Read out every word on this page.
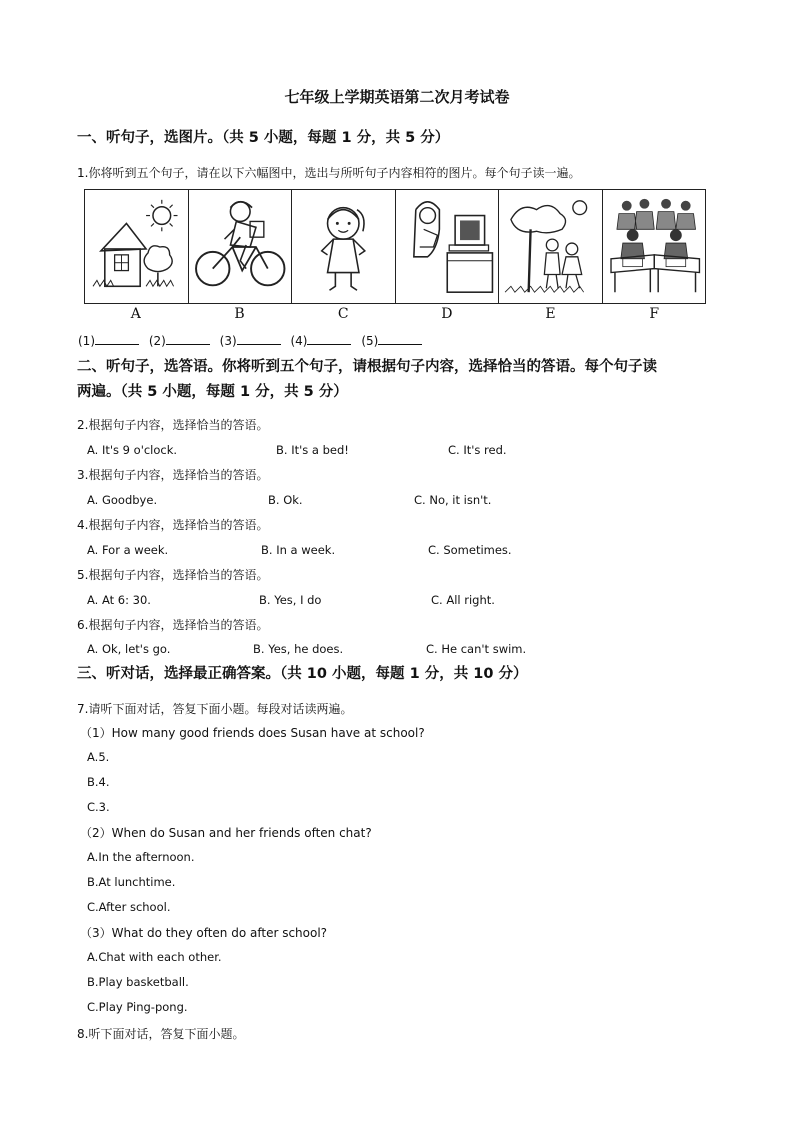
七年级上学期英语第二次月考试卷
一、听句子，选图片。（共 5 小题，每题 1 分，共 5 分）
1.你将听到五个句子，请在以下六幅图中，选出与所听句子内容相符的图片。每个句子读一遍。
A	B	C	D	E	F
(1)	(2)	(3)	(4)	(5)
二、听句子，选答语。你将听到五个句子，请根据句子内容，选择恰当的答语。每个句子读
两遍。（共 5 小题，每题 1 分，共 5 分）
2.根据句子内容，选择恰当的答语。
A. It's 9 o'clock.	B. It's a bed!	C. It's red.
3.根据句子内容，选择恰当的答语。
A. Goodbye.	B. Ok.	C. No, it isn't.
4.根据句子内容，选择恰当的答语。
A. For a week.	B. In a week.	C. Sometimes.
5.根据句子内容，选择恰当的答语。
A. At 6: 30.	B. Yes, I do	C. All right.
6.根据句子内容，选择恰当的答语。
A. Ok, let's go.	B. Yes, he does.	C. He can't swim.
三、听对话，选择最正确答案。（共 10 小题，每题 1 分，共 10 分）
7.请听下面对话，答复下面小题。每段对话读两遍。
（1）How many good friends does Susan have at school?
A.5.
B.4.
C.3.
（2）When do Susan and her friends often chat?
A.In the afternoon.
B.At lunchtime.
C.After school.
（3）What do they often do after school?
A.Chat with each other.
B.Play basketball.
C.Play Ping-pong.
8.听下面对话，答复下面小题。
